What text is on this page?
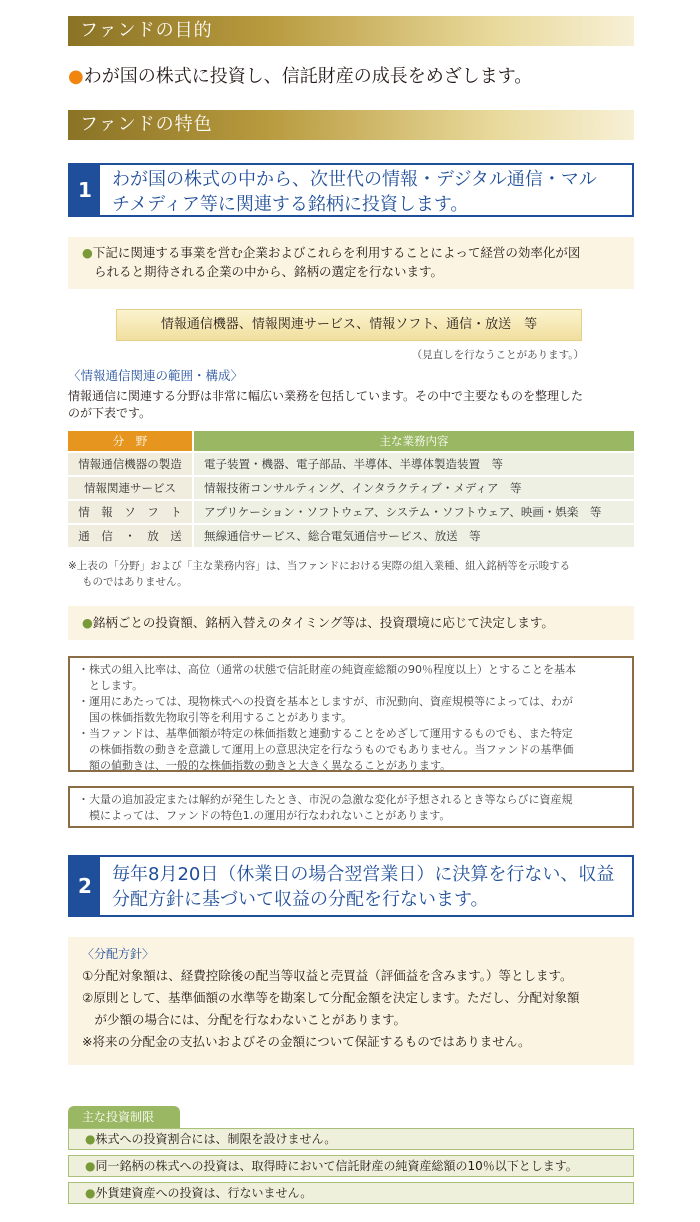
ファンドの目的
●わが国の株式に投資し、信託財産の成長をめざします。
ファンドの特色
1	わが国の株式の中から、次世代の情報・デジタル通信・マル
チメディア等に関連する銘柄に投資します。
●下記に関連する事業を営む企業およびこれらを利用することによって経営の効率化が図
られると期待される企業の中から、銘柄の選定を行ないます。
情報通信機器、情報関連サービス、情報ソフト、通信・放送　等
（見直しを行なうことがあります。）
〈情報通信関連の範囲・構成〉
情報通信に関連する分野は非常に幅広い業務を包括しています。その中で主要なものを整理した
のが下表です。
分　野	主な業務内容
情報通信機器の製造	電子装置・機器、電子部品、半導体、半導体製造装置　等
情報関連サービス	情報技術コンサルティング、インタラクティブ・メディア　等
情　報　ソ　フ　ト	アプリケーション・ソフトウェア、システム・ソフトウェア、映画・娯楽　等
通　信　・　放　送	無線通信サービス、総合電気通信サービス、放送　等
※上表の「分野」および「主な業務内容」は、当ファンドにおける実際の組入業種、組入銘柄等を示唆する
ものではありません。
●銘柄ごとの投資額、銘柄入替えのタイミング等は、投資環境に応じて決定します。
・株式の組入比率は、高位（通常の状態で信託財産の純資産総額の90％程度以上）とすることを基本
　とします。
・運用にあたっては、現物株式への投資を基本としますが、市況動向、資産規模等によっては、わが
　国の株価指数先物取引等を利用することがあります。
・当ファンドは、基準価額が特定の株価指数と連動することをめざして運用するものでも、また特定
　の株価指数の動きを意識して運用上の意思決定を行なうものでもありません。当ファンドの基準価
　額の値動きは、一般的な株価指数の動きと大きく異なることがあります。
・大量の追加設定または解約が発生したとき、市況の急激な変化が予想されるとき等ならびに資産規
　模によっては、ファンドの特色1.の運用が行なわれないことがあります。
2	毎年8月20日（休業日の場合翌営業日）に決算を行ない、収益
分配方針に基づいて収益の分配を行ないます。
〈分配方針〉
①分配対象額は、経費控除後の配当等収益と売買益（評価益を含みます。）等とします。
②原則として、基準価額の水準等を勘案して分配金額を決定します。ただし、分配対象額
　が少額の場合には、分配を行なわないことがあります。
※将来の分配金の支払いおよびその金額について保証するものではありません。
主な投資制限
●株式への投資割合には、制限を設けません。
●同一銘柄の株式への投資は、取得時において信託財産の純資産総額の10％以下とします。
●外貨建資産への投資は、行ないません。
